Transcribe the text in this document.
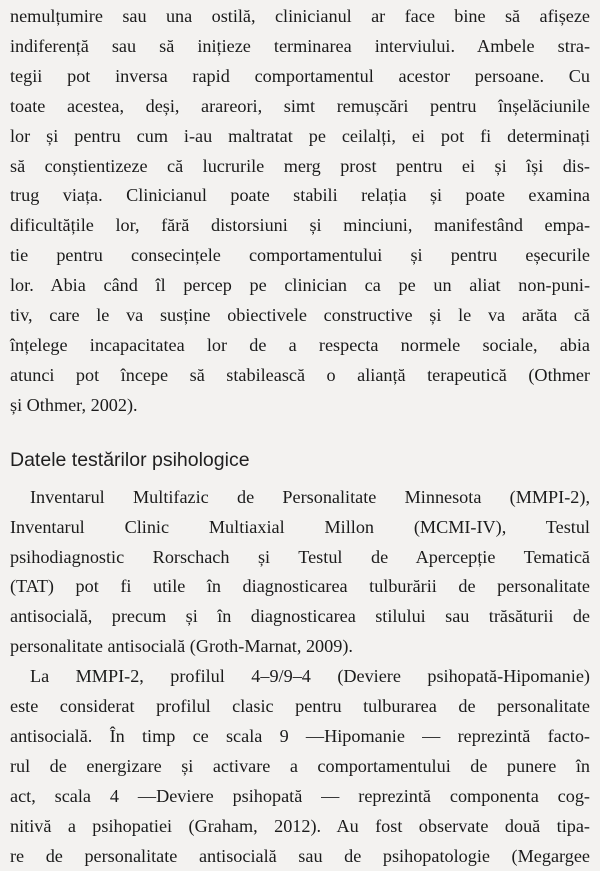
nemulțumire sau una ostilă, clinicianul ar face bine să afișeze
indiferență sau să inițieze terminarea interviului. Ambele stra-
tegii pot inversa rapid comportamentul acestor persoane. Cu
toate acestea, deși, arareori, simt remușcări pentru înșelăciunile
lor și pentru cum i-au maltratat pe ceilalți, ei pot fi determinați
să conștientizeze că lucrurile merg prost pentru ei și își dis-
trug viața. Clinicianul poate stabili relația și poate examina
dificultățile lor, fără distorsiuni și minciuni, manifestând empa-
tie pentru consecințele comportamentului și pentru eșecurile
lor. Abia când îl percep pe clinician ca pe un aliat non-puni-
tiv, care le va susține obiectivele constructive și le va arăta că
înțelege incapacitatea lor de a respecta normele sociale, abia
atunci pot începe să stabilească o alianță terapeutică (Othmer
și Othmer, 2002).
Datele testărilor psihologice
Inventarul Multifazic de Personalitate Minnesota (MMPI-2),
Inventarul Clinic Multiaxial Millon (MCMI-IV), Testul
psihodiagnostic Rorschach și Testul de Apercepție Tematică
(TAT) pot fi utile în diagnosticarea tulburării de personalitate
antisocială, precum și în diagnosticarea stilului sau trăsăturii de
personalitate antisocială (Groth-Marnat, 2009).
La MMPI-2, profilul 4–9/9–4 (Deviere psihopată-Hipomanie)
este considerat profilul clasic pentru tulburarea de personalitate
antisocială. În timp ce scala 9 —Hipomanie — reprezintă facto-
rul de energizare și activare a comportamentului de punere în
act, scala 4 —Deviere psihopată — reprezintă componenta cog-
nitivă a psihopatiei (Graham, 2012). Au fost observate două tipa-
re de personalitate antisocială sau de psihopatologie (Megargee
